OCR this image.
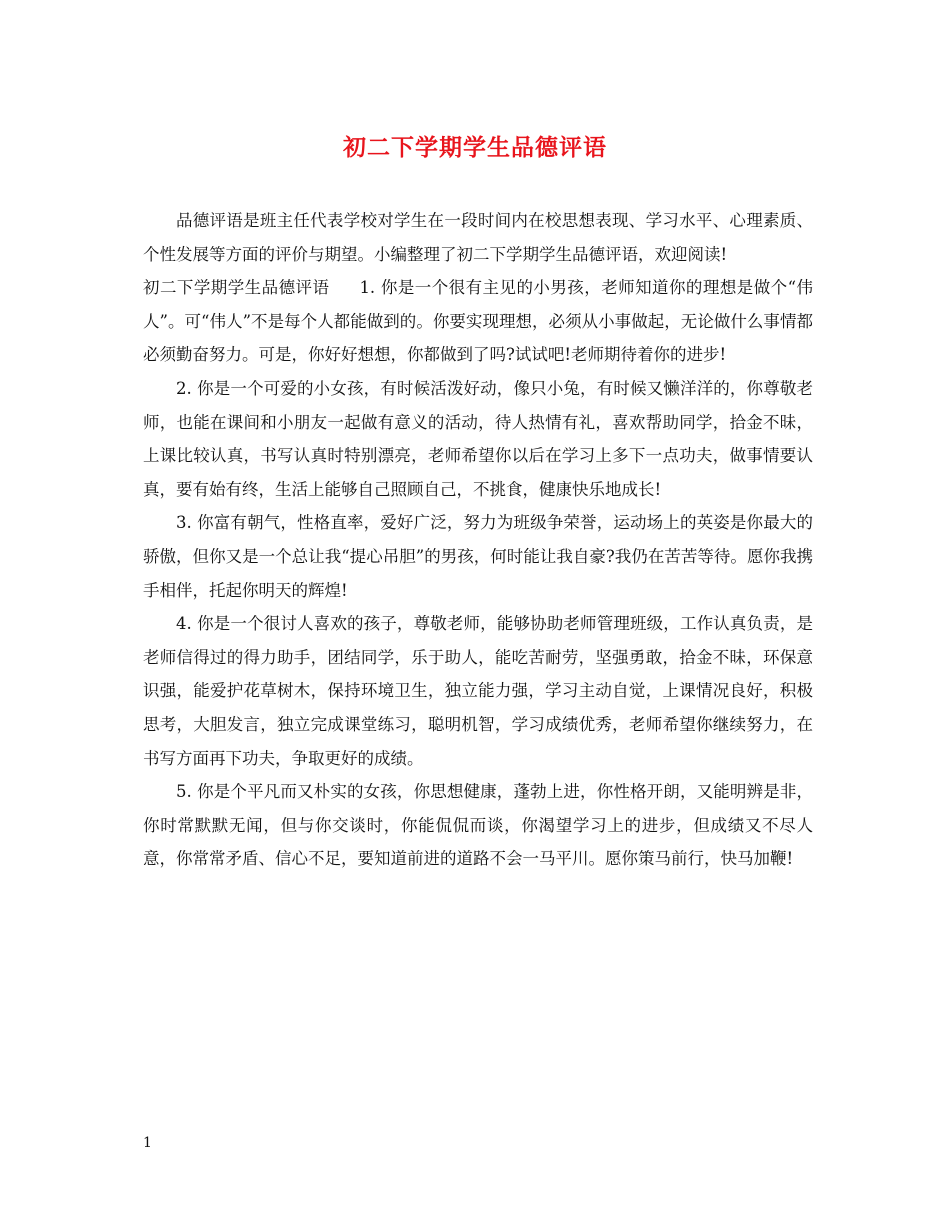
初二下学期学生品德评语

品德评语是班主任代表学校对学生在一段时间内在校思想表现、学习水平、心理素质、个性发展等方面的评价与期望。小编整理了初二下学期学生品德评语，欢迎阅读!

初二下学期学生品德评语 1. 你是一个很有主见的小男孩，老师知道你的理想是做个“伟人”。可“伟人”不是每个人都能做到的。你要实现理想，必须从小事做起，无论做什么事情都必须勤奋努力。可是，你好好想想，你都做到了吗?试试吧!老师期待着你的进步!

2. 你是一个可爱的小女孩，有时候活泼好动，像只小兔，有时候又懒洋洋的，你尊敬老师，也能在课间和小朋友一起做有意义的活动，待人热情有礼，喜欢帮助同学，拾金不昧，上课比较认真，书写认真时特别漂亮，老师希望你以后在学习上多下一点功夫，做事情要认真，要有始有终，生活上能够自己照顾自己，不挑食，健康快乐地成长!

3. 你富有朝气，性格直率，爱好广泛，努力为班级争荣誉，运动场上的英姿是你最大的骄傲，但你又是一个总让我“提心吊胆”的男孩，何时能让我自豪?我仍在苦苦等待。愿你我携手相伴，托起你明天的辉煌!

4. 你是一个很讨人喜欢的孩子，尊敬老师，能够协助老师管理班级，工作认真负责，是老师信得过的得力助手，团结同学，乐于助人，能吃苦耐劳，坚强勇敢，拾金不昧，环保意识强，能爱护花草树木，保持环境卫生，独立能力强，学习主动自觉，上课情况良好，积极思考，大胆发言，独立完成课堂练习，聪明机智，学习成绩优秀，老师希望你继续努力，在书写方面再下功夫，争取更好的成绩。

5. 你是个平凡而又朴实的女孩，你思想健康，蓬勃上进，你性格开朗，又能明辨是非，你时常默默无闻，但与你交谈时，你能侃侃而谈，你渴望学习上的进步，但成绩又不尽人意，你常常矛盾、信心不足，要知道前进的道路不会一马平川。愿你策马前行，快马加鞭!

1
